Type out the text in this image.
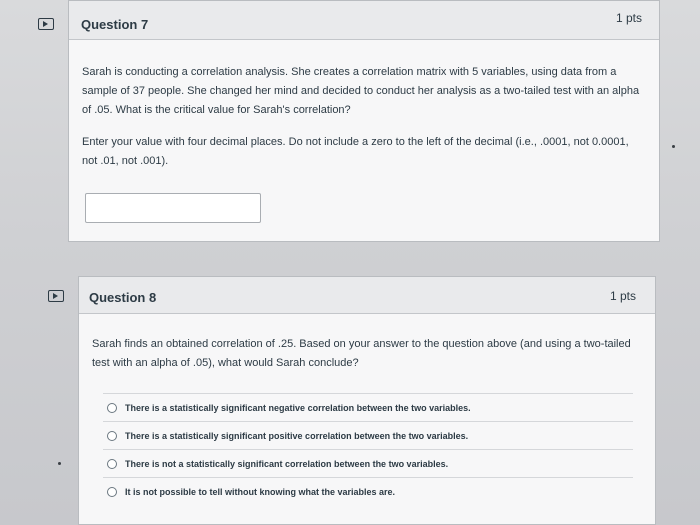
Question 7	1 pts
Sarah is conducting a correlation analysis. She creates a correlation matrix with 5 variables, using data from a sample of 37 people. She changed her mind and decided to conduct her analysis as a two-tailed test with an alpha of .05. What is the critical value for Sarah's correlation?
Enter your value with four decimal places. Do not include a zero to the left of the decimal (i.e., .0001, not 0.0001, not .01, not .001).
Question 8	1 pts
Sarah finds an obtained correlation of .25. Based on your answer to the question above (and using a two-tailed test with an alpha of .05), what would Sarah conclude?
There is a statistically significant negative correlation between the two variables.
There is a statistically significant positive correlation between the two variables.
There is not a statistically significant correlation between the two variables.
It is not possible to tell without knowing what the variables are.
